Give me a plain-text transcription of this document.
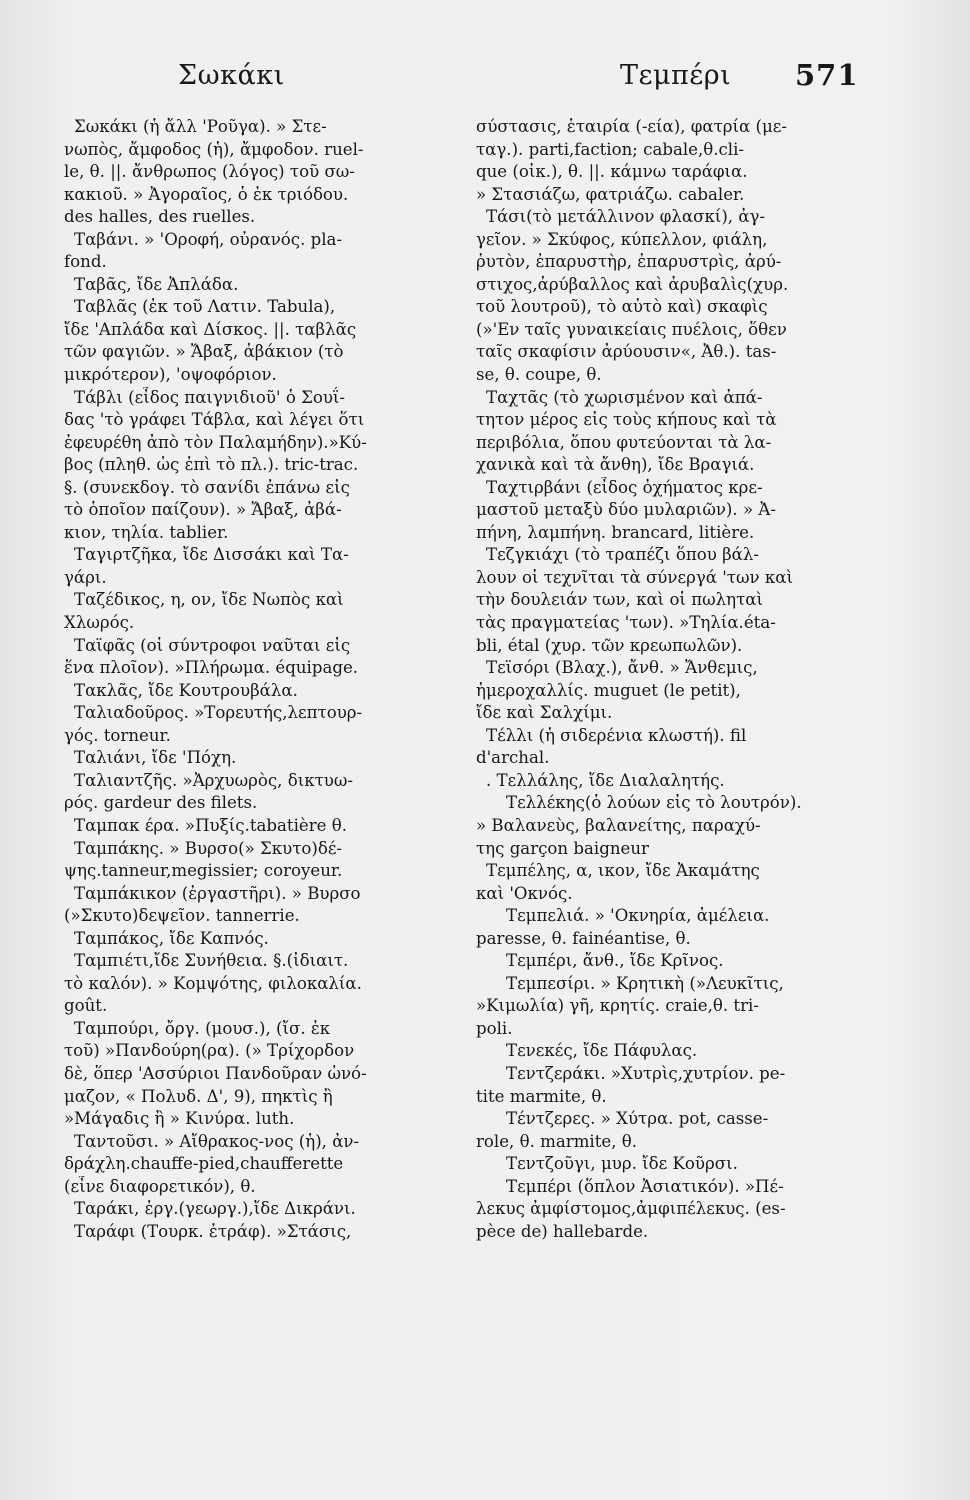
Σωκάκι	Τεμπέρι 571
Σωκάκι (ἡ ἄλλ 'Ροῦγα). » Στε-
νωπὸς, ἄμφοδος (ἡ), ἄμφοδον. ruel-
le, θ. ||. ἄνθρωπος (λόγος) τοῦ σω-
κακιοῦ. » Ἀγοραῖος, ὁ ἐκ τριόδου.
des halles, des ruelles.
Ταβάνι. » 'Οροφή, οὐρανός. pla-
fond.
Ταβᾶς, ἴδε Ἀπλάδα.
Ταβλᾶς (ἐκ τοῦ Λατιν. Tabula),
ἴδε 'Απλάδα καὶ Δίσκος. ||. ταβλᾶς
τῶν φαγιῶν. » Ἄβαξ, ἀβάκιον (τὸ
μικρότερον), 'οψοφόριον.
Τάβλι (εἶδος παιγνιδιοῦ' ὁ Σουΐ-
δας 'τὸ γράφει Τάβλα, καὶ λέγει ὅτι
ἐφευρέθη ἀπὸ τὸν Παλαμήδην).»Κύ-
βος (πληθ. ὡς ἐπὶ τὸ πλ.). tric-trac.
§. (συνεκδογ. τὸ σανίδι ἐπάνω εἰς
τὸ ὁποῖον παίζουν). » Ἄβαξ, ἀβά-
κιον, τηλία. tablier.
Ταγιρτζῆκα, ἴδε Δισσάκι καὶ Τα-
γάρι.
Ταζέδικος, η, ον, ἴδε Νωπὸς καὶ
Χλωρός.
Ταϊφᾶς (οἱ σύντροφοι ναῦται εἰς
ἕνα πλοῖον). »Πλήρωμα. équipage.
Τακλᾶς, ἴδε Κουτρουβάλα.
Ταλιαδοῦρος. »Τορευτής,λεπτουρ-
γός. torneur.
Ταλιάνι, ἴδε 'Πόχη.
Ταλιαντζῆς. »Ἀρχυωρὸς, δικτυω-
ρός. gardeur des filets.
Ταμπακ έρα. »Πυξίς.tabatière θ.
Ταμπάκης. » Βυρσο(» Σκυτο)δέ-
ψης.tanneur,megissier; coroyeur.
Ταμπάκικον (ἐργαστῆρι). » Βυρσο
(»Σκυτο)δεψεῖον. tannerrie.
Ταμπάκος, ἴδε Καπνός.
Ταμπιέτι,ἴδε Συνήθεια. §.(ἰδιαιτ.
τὸ καλόν). » Κομψότης, φιλοκαλία.
goût.
Ταμπούρι, ὄργ. (μουσ.), (ἴσ. ἐκ
τοῦ) »Πανδούρη(ρα). (» Τρίχορδον
δὲ, ὅπερ 'Ασσύριοι Πανδοῦραν ὠνό-
μαζον, « Πολυδ. Δ', 9), πηκτὶς ἢ
»Μάγαδις ἢ » Κινύρα. luth.
Ταντοῦσι. » Αἴθρακος-νος (ἡ), ἀν-
δράχλη.chauffe-pied,chaufferette
(εἶνε διαφορετικόν), θ.
Ταράκι, ἐργ.(γεωργ.),ἴδε Δικράνι.
Ταράφι (Τουρκ. ἐτράφ). »Στάσις,
σύστασις, ἑταιρία (-εία), φατρία (με-
ταγ.). parti,faction; cabale,θ.cli-
que (οἰκ.), θ. ||. κάμνω ταράφια.
» Στασιάζω, φατριάζω. cabaler.
Τάσι(τὸ μετάλλινον φλασκί), ἀγ-
γεῖον. » Σκύφος, κύπελλον, φιάλη,
ῥυτὸν, ἐπαρυστὴρ, ἐπαρυστρὶς, ἀρύ-
στιχος,ἀρύβαλλος καὶ ἀρυβαλὶς(χυρ.
τοῦ λουτροῦ), τὸ αὐτὸ καὶ) σκαφὶς
(»'Εν ταῖς γυναικείαις πυέλοις, ὅθεν
ταῖς σκαφίσιν ἀρύουσιν«, Ἀθ.). tas-
se, θ. coupe, θ.
Ταχτᾶς (τὸ χωρισμένον καὶ ἀπά-
τητον μέρος εἰς τοὺς κήπους καὶ τὰ
περιβόλια, ὅπου φυτεύονται τὰ λα-
χανικὰ καὶ τὰ ἄνθη), ἴδε Βραγιά.
Ταχτιρβάνι (εἶδος ὀχήματος κρε-
μαστοῦ μεταξὺ δύο μυλαριῶν). » Ἀ-
πήνη, λαμπήνη. brancard, litière.
Τεζγκιάχι (τὸ τραπέζι ὅπου βάλ-
λουν οἱ τεχνῖται τὰ σύνεργά 'των καὶ
τὴν δουλειάν των, καὶ οἱ πωληταὶ
τὰς πραγματείας 'των). »Τηλία.éta-
bli, étal (χυρ. τῶν κρεωπωλῶν).
Τεϊσόρι (Βλαχ.), ἄνθ. » Ἄνθεμις,
ἡμεροχαλλίς. muguet (le petit),
ἴδε καὶ Σαλχίμι.
Τέλλι (ἡ σιδερένια κλωστή). fil
d'archal.
. Τελλάλης, ἴδε Διαλαλητής.
Τελλέκης(ὁ λούων εἰς τὸ λουτρόν).
» Βαλανεὺς, βαλανείτης, παραχύ-
της garçon baigneur
Τεμπέλης, α, ικον, ἴδε Ἀκαμάτης
καὶ 'Οκνός.
Τεμπελιά. » 'Οκνηρία, ἀμέλεια.
paresse, θ. fainéantise, θ.
Τεμπέρι, ἄνθ., ἴδε Κρῖνος.
Τεμπεσίρι. » Κρητικὴ (»Λευκῖτις,
»Κιμωλία) γῆ, κρητίς. craie,θ. tri-
poli.
Τενεκές, ἴδε Πάφυλας.
Τεντζεράκι. »Χυτρὶς,χυτρίον. pe-
tite marmite, θ.
Τέντζερες. » Χύτρα. pot, casse-
role, θ. marmite, θ.
Τεντζοῦγι, μυρ. ἴδε Κοῦρσι.
Τεμπέρι (ὅπλον Ἀσιατικόν). »Πέ-
λεκυς ἀμφίστομος,ἀμφιπέλεκυς. (es-
pèce de) hallebarde.
